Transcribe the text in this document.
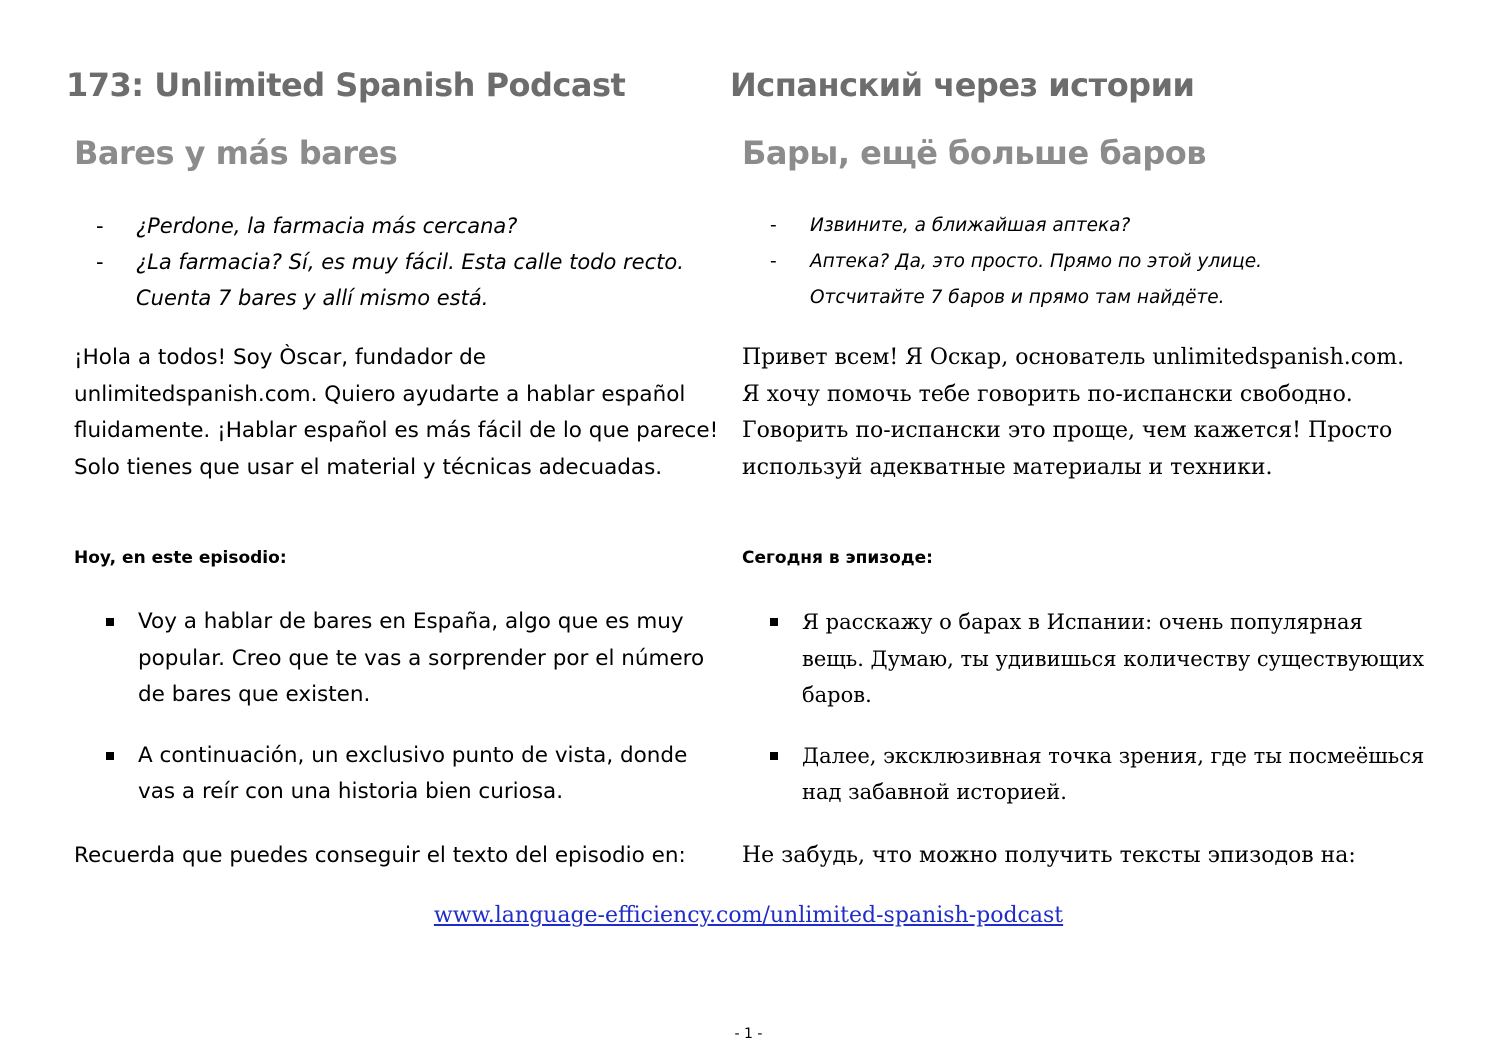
173: Unlimited Spanish Podcast
Bares y más bares
- ¿Perdone, la farmacia más cercana?
- ¿La farmacia? Sí, es muy fácil. Esta calle todo recto. Cuenta 7 bares y allí mismo está.

¡Hola a todos! Soy Òscar, fundador de unlimitedspanish.com. Quiero ayudarte a hablar español fluidamente. ¡Hablar español es más fácil de lo que parece! Solo tienes que usar el material y técnicas adecuadas.

Hoy, en este episodio:
Voy a hablar de bares en España, algo que es muy popular. Creo que te vas a sorprender por el número de bares que existen.
A continuación, un exclusivo punto de vista, donde vas a reír con una historia bien curiosa.

Recuerda que puedes conseguir el texto del episodio en:

Испанский через истории
Бары, ещё больше баров
- Извините, а ближайшая аптека?
- Аптека? Да, это просто. Прямо по этой улице. Отсчитайте 7 баров и прямо там найдёте.

Привет всем! Я Оскар, основатель unlimitedspanish.com. Я хочу помочь тебе говорить по-испански свободно. Говорить по-испански это проще, чем кажется! Просто используй адекватные материалы и техники.

Сегодня в эпизоде:
Я расскажу о барах в Испании: очень популярная вещь. Думаю, ты удивишься количеству существующих баров.
Далее, эксклюзивная точка зрения, где ты посмеёшься над забавной историей.

Не забудь, что можно получить тексты эпизодов на:

www.language-efficiency.com/unlimited-spanish-podcast
- 1 -
